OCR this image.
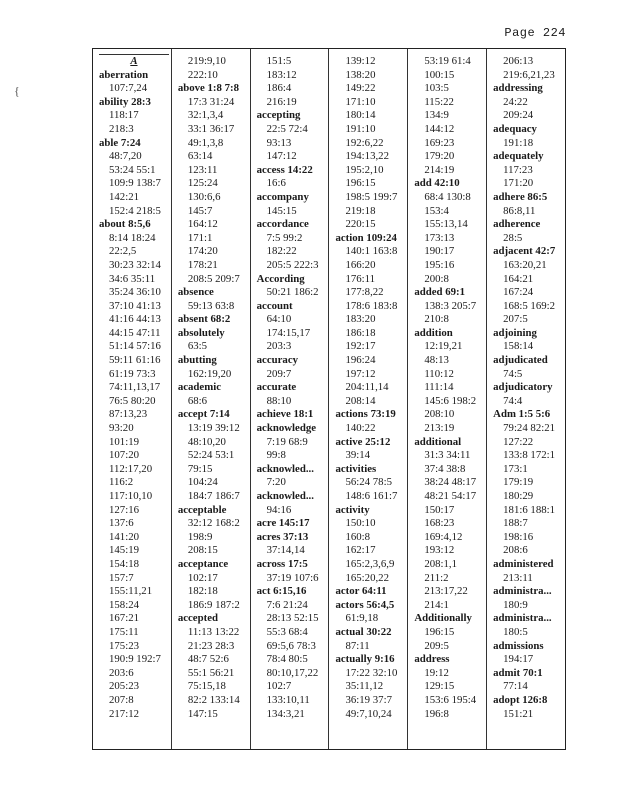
Page 224
{
A
aberration
107:7,24
ability 28:3
118:17
218:3
able 7:24
48:7,20
53:24 55:1
109:9 138:7
142:21
152:4 218:5
about 8:5,6
8:14 18:24
22:2,5
30:23 32:14
34:6 35:11
35:24 36:10
37:10 41:13
41:16 44:13
44:15 47:11
51:14 57:16
59:11 61:16
61:19 73:3
74:11,13,17
76:5 80:20
87:13,23
93:20
101:19
107:20
112:17,20
116:2
117:10,10
127:16
137:6
141:20
145:19
154:18
157:7
155:11,21
158:24
167:21
175:11
175:23
190:9 192:7
203:6
205:23
207:8
217:12
219:9,10
222:10
above 1:8 7:8
17:3 31:24
32:1,3,4
33:1 36:17
49:1,3,8
63:14
123:11
125:24
130:6,6
145:7
164:12
171:1
174:20
178:21
208:5 209:7
absence
59:13 63:8
absent 68:2
absolutely
63:5
abutting
162:19,20
academic
68:6
accept 7:14
13:19 39:12
48:10,20
52:24 53:1
79:15
104:24
184:7 186:7
acceptable
32:12 168:2
198:9
208:15
acceptance
102:17
182:18
186:9 187:2
accepted
11:13 13:22
21:23 28:3
48:7 52:6
55:1 56:21
75:15,18
82:2 133:14
147:15
151:5
183:12
186:4
216:19
accepting
22:5 72:4
93:13
147:12
access 14:22
16:6
accompany
145:15
accordance
7:5 99:2
182:22
205:5 222:3
According
50:21 186:2
account
64:10
174:15,17
203:3
accuracy
209:7
accurate
88:10
achieve 18:1
acknowledge
7:19 68:9
99:8
acknowled...
7:20
acknowled...
94:16
acre 145:17
acres 37:13
37:14,14
across 17:5
37:19 107:6
act 6:15,16
7:6 21:24
28:13 52:15
55:3 68:4
69:5,6 78:3
78:4 80:5
80:10,17,22
102:7
133:10,11
134:3,21
139:12
138:20
149:22
171:10
180:14
191:10
192:6,22
194:13,22
195:2,10
196:15
198:5 199:7
219:18
220:15
action 109:24
140:1 163:8
166:20
176:11
177:8,22
178:6 183:8
183:20
186:18
192:17
196:24
197:12
204:11,14
208:14
actions 73:19
140:22
active 25:12
39:14
activities
56:24 78:5
148:6 161:7
activity
150:10
160:8
162:17
165:2,3,6,9
165:20,22
actor 64:11
actors 56:4,5
61:9,18
actual 30:22
87:11
actually 9:16
17:22 32:10
35:11,12
36:19 37:7
49:7,10,24
53:19 61:4
100:15
103:5
115:22
134:9
144:12
169:23
179:20
214:19
add 42:10
68:4 130:8
153:4
155:13,14
173:13
190:17
195:16
200:8
added 69:1
138:3 205:7
210:8
addition
12:19,21
48:13
110:12
111:14
145:6 198:2
208:10
213:19
additional
31:3 34:11
37:4 38:8
38:24 48:17
48:21 54:17
150:17
168:23
169:4,12
193:12
208:1,1
211:2
213:17,22
214:1
Additionally
196:15
209:5
address
19:12
129:15
153:6 195:4
196:8
206:13
219:6,21,23
addressing
24:22
209:24
adequacy
191:18
adequately
117:23
171:20
adhere 86:5
86:8,11
adherence
28:5
adjacent 42:7
163:20,21
164:21
167:24
168:5 169:2
207:5
adjoining
158:14
adjudicated
74:5
adjudicatory
74:4
Adm 1:5 5:6
79:24 82:21
127:22
133:8 172:1
173:1
179:19
180:29
181:6 188:1
188:7
198:16
208:6
administered
213:11
administra...
180:9
administra...
180:5
admissions
194:17
admit 70:1
77:14
adopt 126:8
151:21
